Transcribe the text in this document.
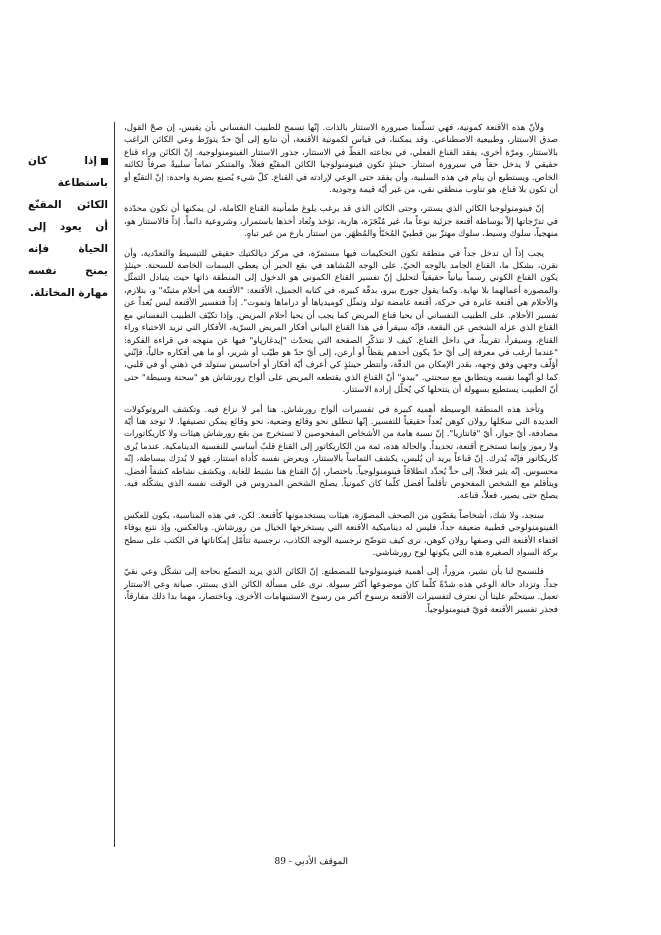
إذا كان باستطاعة الكائن المقنّع أن يعود إلى الحياة فإنه يمنح نفسه مهارة المخاتلة.

ولأنّ هذه الأقنعة كمونية، فهي تسلّمنا صيرورة الاستتار بالذات. إنّها تسمح للطبيب النفساني بأن يقيس، إن صحّ القول، صدق الاستتار، وطبيعية الاصطناعي. وقد يمكننا، في قياس لكمونية الأقنعة، أن نتابع إلى أيّ حدّ يتورّط وعي الكائن الراغب بالاستتار. ومرّة أخرى، يفقد القناع الفعلي، في نجاعته الفظّ في الاستتار، جذور الاستتار الفينومنولوجية. إنّ الكائن وراء قناع حقيقي لا يدخل حقاً في سيرورة استتار. حينئذٍ تكون فينومنولوجيا الكائن المقنّع فعلاً، والمتنكر تماماً سلبيةً صرفاً لكائنه الخاص. ويستطيع أن ينام في هذه السلبية، وأن يفقد حتى الوعي لإرادته في القناع. كلّ شيء يُصنع بضربة واحدة: إنّ التقنّع أو أن تكون بلا قناع، هو تناوب منطقي نقي، من غير أيّة قيمة وجودية.

إنّ فينومنولوجيا الكائن الذي يستتر، وحتى الكائن الذي قد يرغب بلوغ طمأنينة القناع الكاملة، لن يمكنها أن تكون محدّدة في تدرّجاتها إلاّ بوساطة أقنعة جزئية نوعاً ما، غير مُنْجَزَة، هاربة، تؤخذ وتُعاد أخذها باستمرار، وشروعية دائماً. إذاً فالاستتار هو، منهجياً، سلوك وسيط، سلوك مهتزّ بين قطبيّ المُخبّأ والمُظهَر. من استتار بارع من غير تباهٍ.

يجب إذاً أن تدخل جداً في منطقة تكون التحكيمات فيها مستمرّة، في مركز ديالكتيك حقيقي للتبسيط والتعدّدية، وأن نقرن، بشكل ما، القناع الجامد بالوجه الحيّ. على الوجه المُشاهد في بقع الحبر أن يعطي السمات الخاصة للسحنة. حينئذٍ يكون القناع الكوني رسماً بيانياً حقيقياً لتحليل إنّ تفسير القناع الكموني هو الدخول إلى المنطقة ذاتها حيث يتبادل التمثّل والمصورة أعمالهما بلا نهاية. وكما يقول جورج بيرو، بدقّة كبيرة، في كتابه الجميل، الأقنعة: "الأقنعة هي أحلام مثبتّة" و، بتلازم، والأحلام هي أقنعة عابرة في حركة، أقنعة غامضة تولد وتمثّل كوميدياها أو دراماها وتموت". إذاً فتفسير الأقنعة ليس بُعداً عن تفسير الأحلام. على الطبيب النفساني أن يحيا قناع المريض كما يجب أن يحيا أحلام المريض. وإذا تكيّف الطبيب النفساني مع القناع الذي عزله الشخص عن البقعة، فإنّه سيقرأ في هذا القناع البياني أفكار المريض السرّية، الأفكار التي تريد الاختباء وراء القناع، وسيقرأ، تقريباً، في داخل القناع. كيف لا نتذكّر الصفحة التي يتحدّث "إيدغارپاو" فيها عن منهجه في قراءة الفكرة: "عندما أرغب في معرفة إلى أيّ حدّ يكون أحدهم يقظاً أو أرعن، إلى أيّ حدّ هو طيّب أو شرير، أو ما هي أفكاره حالياً، فإنّني أؤلّف وجهي وفق وجهه، بقدر الإمكان من الدقّة، وأنتظر حينئذٍ كي أعرف أيّة أفكار أو أحاسيس ستولد في ذهني أو في قلبي، كما لو أنّهما نفسه ويتطابق مع سحنتي. "بيدو" أنّ القناع الذي يقتطعه المريض على ألواح رورشاش هو "سحنة وسيطة" حتى أنّ الطبيب يستطيع بسهولة أن ينتحلها كي يُحلّل إرادة الاستتار.

وتأخذ هذه المنطقة الوسيطة أهمية كبيرة في تفسيرات ألواح رورشاش. هنا أمر لا نزاع فيه. وتكشف البروتوكولات العديدة التي سجّلها رولان كوهن بُعداً حقيقياً للتفسير. إنّها تنطلق نحو وقائع وضعية، نحو وقائع يمكن تصنيفها. لا توجد هنا أيّة مصادفة، أيّ جواز، أيّ "فانتازيا". إنّ نسبة هامة من الأشخاص المفحوصين لا تستخرج من بقع رورشاش هيئات ولا كاريكاتورات ولا رموز وإنما تستخرج أقنعة، تحديداً. والحالة هذه، ثمة من الكاريكاتور إلى القناع قلبٌ أساسي للنفسية الدينامكية. عندما يُرى كاريكاتور فإنّه يُدرك. إنّ قناعاً يريد أن يُلبس، يكشف التماساً بالاستتار، ويعرض نفسه كأداة استتار. فهو لا يُدرَك ببساطة، إنّه محسوس. إنّه يثير فعلاً، إلى حدٍّ يُحدِّد انطلاقاً فينومنولوجياً. باختصار، إنّ القناع هنا نشيط للغاية. ويكشف نشاطه كشفاً أفضل. ويتأقلم مع الشخص المفحوص تأقلماً أفضل كلّما كان كمونياً. يصلح الشخص المدروس في الوقت نفسه الذي يشكّله فيه. يصلح حتى يصير، فعلاً، قناعه.

سنجد، ولا شك، أشخاصاً يقصّون من الصحف المصوّرة، هيئات يستخدمونها كأقنعة. لكن، في هذه المناسبة، يكون للعكس الفينومنولوجي قطبية ضعيفة جداً، فليس له ديناميكية الأقنعة التي يستخرجها الخيال من رورشاش. وبالعكس، وإذ نتبع بوفاء اقتفاء الأقنعة التي وصفها رولان كوهن، نرى كيف تتوضّح نرجسية الوجه الكاذب، نرجسية تتأمّل إمكاناتها في الكتب على سطح بركة السواد الصغيرة هذه التي يكونها لوح رورشاشي.

فلنسمح لنا بأن نشير، مروراً، إلى أهمية فينومنولوجيا للمصطنع. إنّ الكائن الذي يريد التصنّع بحاجة إلى تشكّل وعي نقيّ جداً. وتزداد حالة الوعي هذه شدّةً كلّما كان موضوعها أكثر سيولة. نرى على مسألة الكائن الذي يستتر، صيانة وعي الاستتار تعمل. سيتحتّم علينا أن نعترف لتفسيرات الأقنعة برسوخ أكبر من رسوخ الاستبيهامات الأخرى. وباختصار، مهما بدا ذلك مفارقاً، فجذر تفسير الأقنعة قويّ فينومنولوجياً.

الموقف الأدبي - 89
